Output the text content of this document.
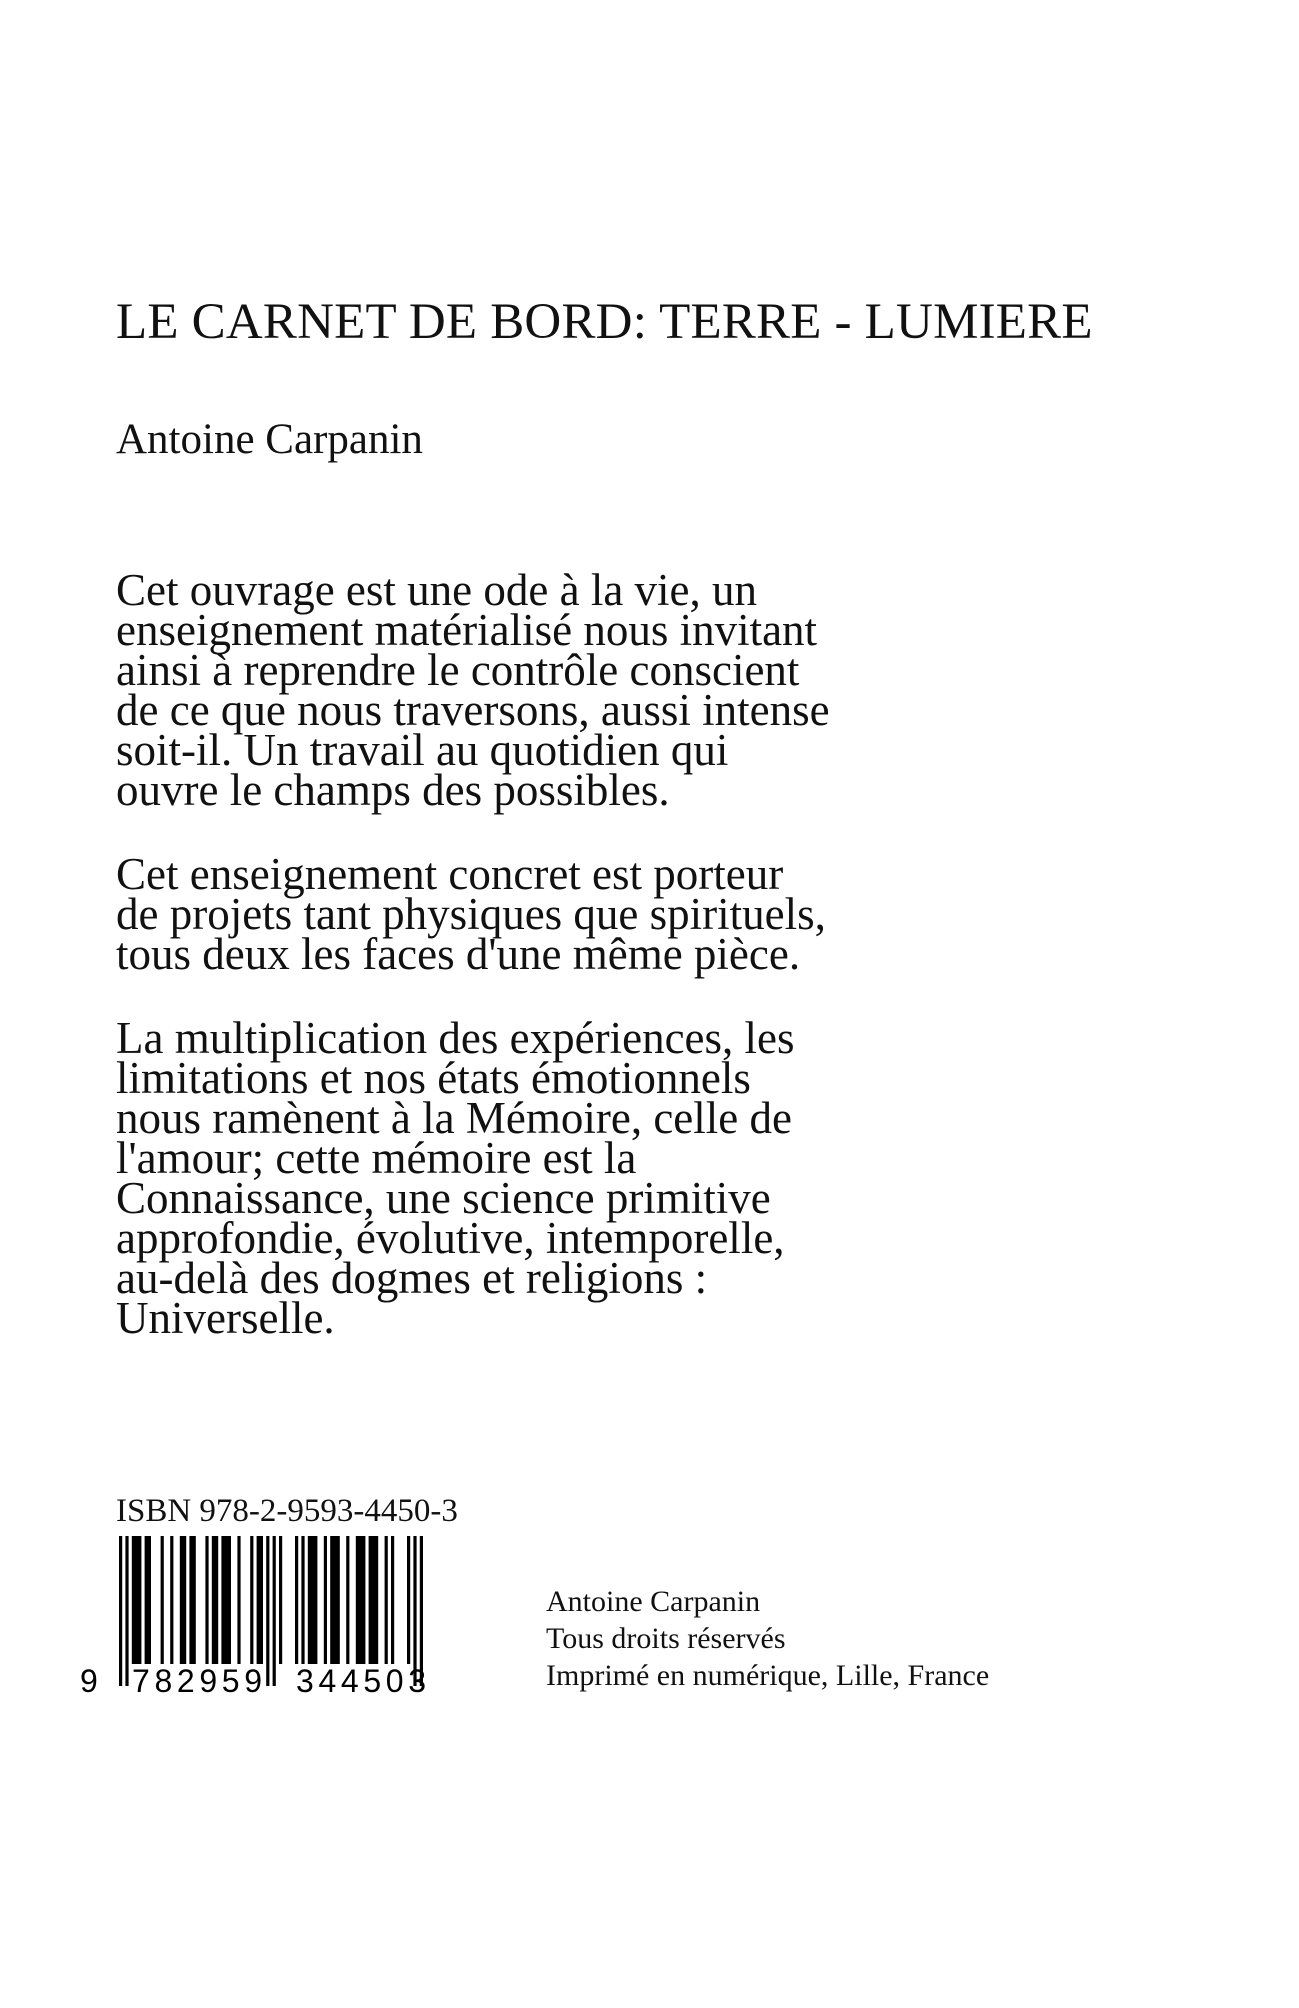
LE CARNET DE BORD: TERRE - LUMIERE
Antoine Carpanin

Cet ouvrage est une ode à la vie, un
enseignement matérialisé nous invitant
ainsi à reprendre le contrôle conscient
de ce que nous traversons, aussi intense
soit-il. Un travail au quotidien qui
ouvre le champs des possibles.

Cet enseignement concret est porteur
de projets tant physiques que spirituels,
tous deux les faces d'une même pièce.

La multiplication des expériences, les
limitations et nos états émotionnels
nous ramènent à la Mémoire, celle de
l'amour; cette mémoire est la
Connaissance, une science primitive
approfondie, évolutive, intemporelle,
au-delà des dogmes et religions :
Universelle.

ISBN 978-2-9593-4450-3
9 782959 344503
Antoine Carpanin
Tous droits réservés
Imprimé en numérique, Lille, France
